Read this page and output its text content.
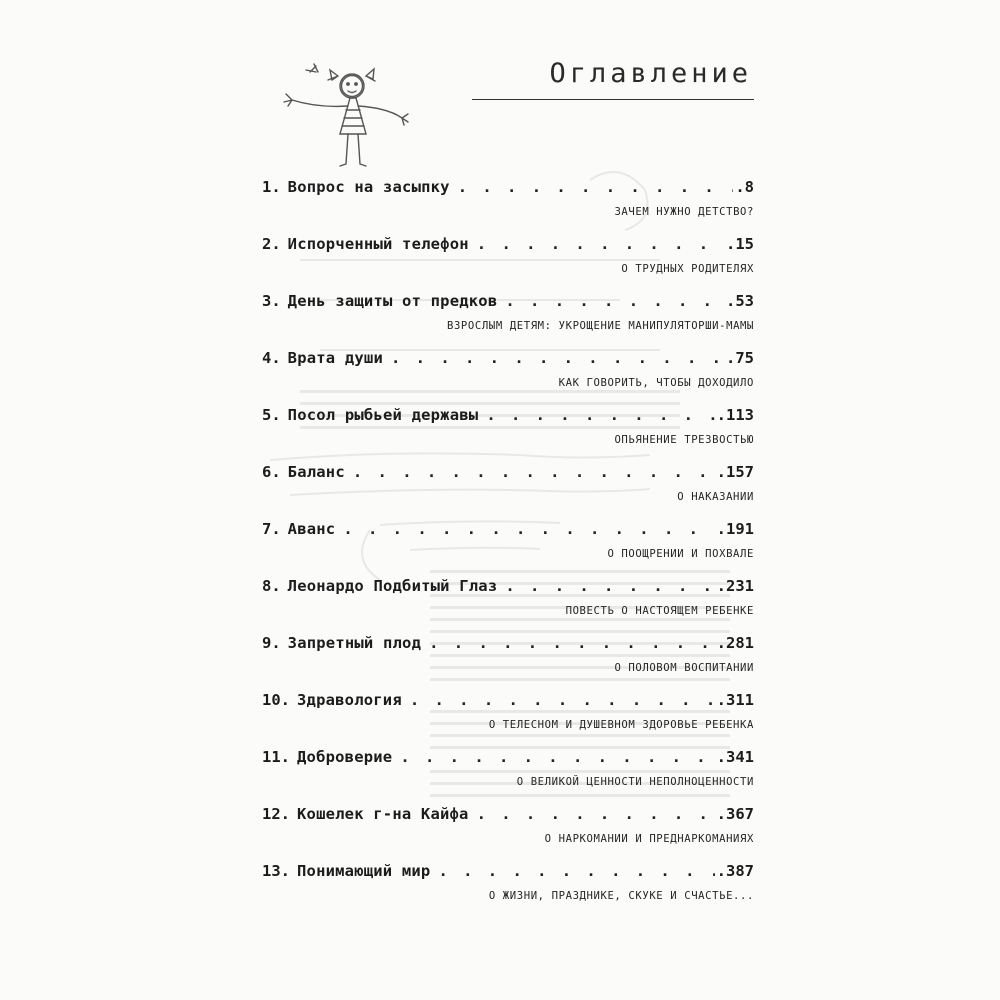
Оглавление
1. Вопрос на засыпку . . .	.8
ЗАЧЕМ НУЖНО ДЕТСТВО?
2. Испорченный телефон . . .	.15
О ТРУДНЫХ РОДИТЕЛЯХ
3. День защиты от предков . . .	.53
ВЗРОСЛЫМ ДЕТЯМ: УКРОЩЕНИЕ МАНИПУЛЯТОРШИ-МАМЫ
4. Врата души . . .	.75
КАК ГОВОРИТЬ, ЧТОБЫ ДОХОДИЛО
5. Посол рыбьей державы . . .	.113
ОПЬЯНЕНИЕ ТРЕЗВОСТЬЮ
6. Баланс . . .	.157
О НАКАЗАНИИ
7. Аванс . . .	.191
О ПООЩРЕНИИ И ПОХВАЛЕ
8. Леонардо Подбитый Глаз . . .	.231
ПОВЕСТЬ О НАСТОЯЩЕМ РЕБЕНКЕ
9. Запретный плод . . .	.281
О ПОЛОВОМ ВОСПИТАНИИ
10. Здравология . . .	.311
О ТЕЛЕСНОМ И ДУШЕВНОМ ЗДОРОВЬЕ РЕБЕНКА
11. Доброверие . . .	.341
О ВЕЛИКОЙ ЦЕННОСТИ НЕПОЛНОЦЕННОСТИ
12. Кошелек г-на Кайфа . . .	.367
О НАРКОМАНИИ И ПРЕДНАРКОМАНИЯХ
13. Понимающий мир . . .	.387
О ЖИЗНИ, ПРАЗДНИКЕ, СКУКЕ И СЧАСТЬЕ...
